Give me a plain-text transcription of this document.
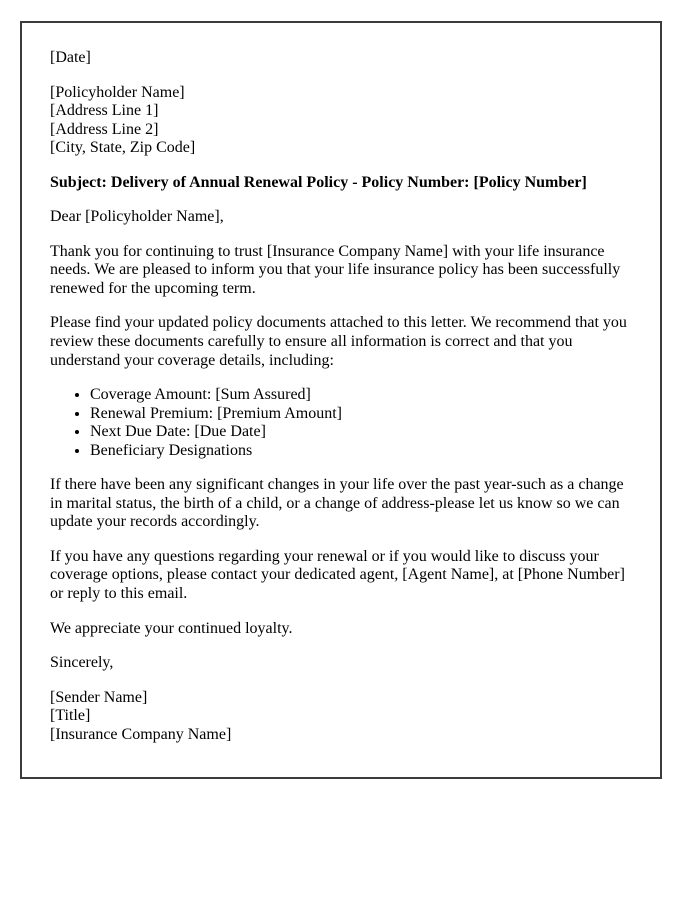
[Date]

[Policyholder Name]
[Address Line 1]
[Address Line 2]
[City, State, Zip Code]

Subject: Delivery of Annual Renewal Policy - Policy Number: [Policy Number]

Dear [Policyholder Name],

Thank you for continuing to trust [Insurance Company Name] with your life insurance needs. We are pleased to inform you that your life insurance policy has been successfully renewed for the upcoming term.

Please find your updated policy documents attached to this letter. We recommend that you review these documents carefully to ensure all information is correct and that you understand your coverage details, including:

• Coverage Amount: [Sum Assured]
• Renewal Premium: [Premium Amount]
• Next Due Date: [Due Date]
• Beneficiary Designations

If there have been any significant changes in your life over the past year-such as a change in marital status, the birth of a child, or a change of address-please let us know so we can update your records accordingly.

If you have any questions regarding your renewal or if you would like to discuss your coverage options, please contact your dedicated agent, [Agent Name], at [Phone Number] or reply to this email.

We appreciate your continued loyalty.

Sincerely,

[Sender Name]
[Title]
[Insurance Company Name]
